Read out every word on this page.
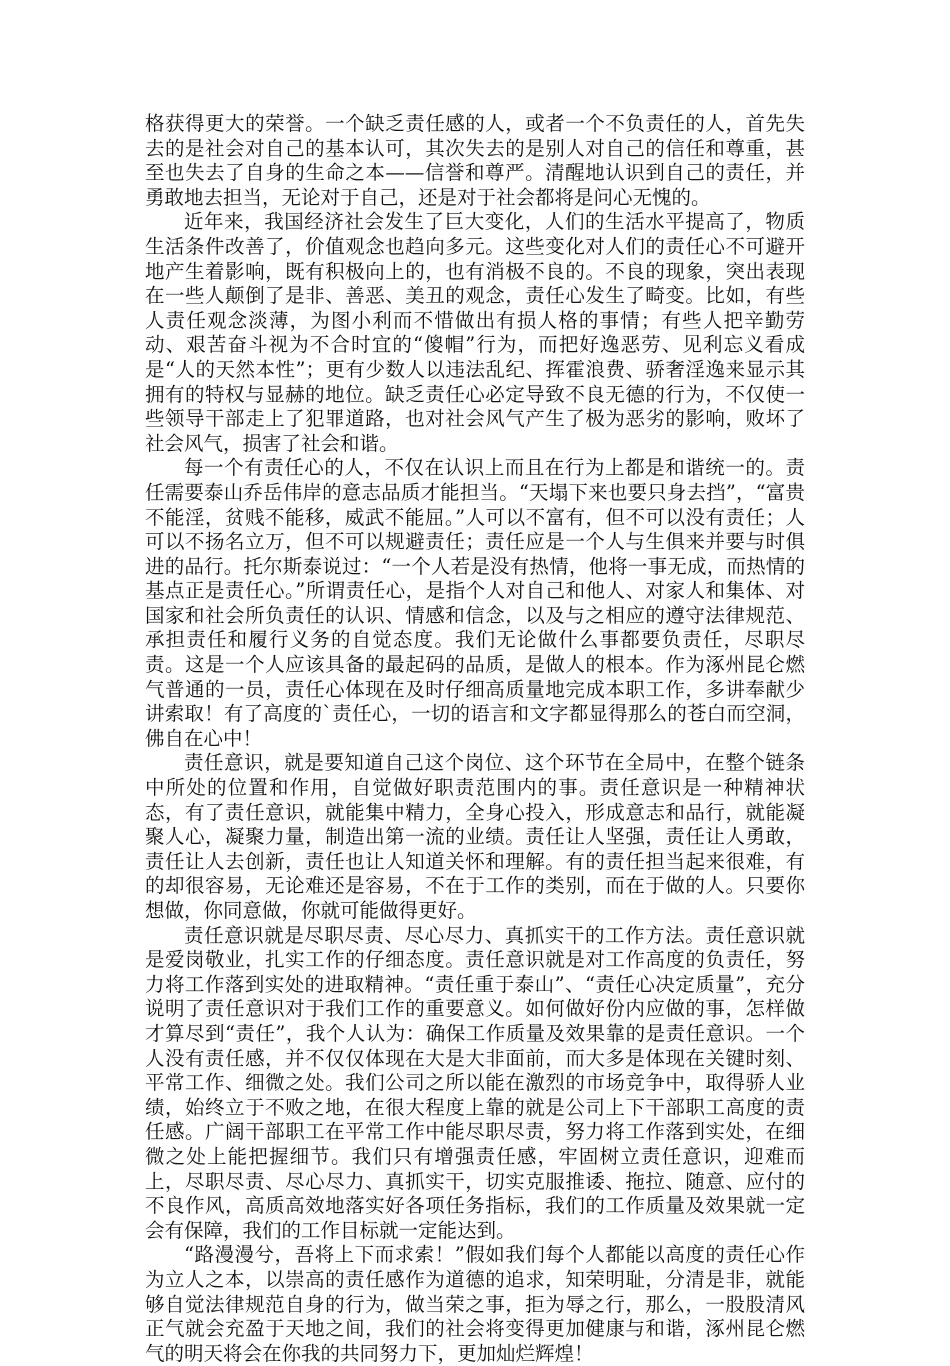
格获得更大的荣誉。一个缺乏责任感的人，或者一个不负责任的人，首先失去的是社会对自己的基本认可，其次失去的是别人对自己的信任和尊重，甚至也失去了自身的生命之本——信誉和尊严。清醒地认识到自己的责任，并勇敢地去担当，无论对于自己，还是对于社会都将是问心无愧的。

近年来，我国经济社会发生了巨大变化，人们的生活水平提高了，物质生活条件改善了，价值观念也趋向多元。这些变化对人们的责任心不可避开地产生着影响，既有积极向上的，也有消极不良的。不良的现象，突出表现在一些人颠倒了是非、善恶、美丑的观念，责任心发生了畸变。比如，有些人责任观念淡薄，为图小利而不惜做出有损人格的事情；有些人把辛勤劳动、艰苦奋斗视为不合时宜的“傻帽”行为，而把好逸恶劳、见利忘义看成是“人的天然本性”；更有少数人以违法乱纪、挥霍浪费、骄奢淫逸来显示其拥有的特权与显赫的地位。缺乏责任心必定导致不良无德的行为，不仅使一些领导干部走上了犯罪道路，也对社会风气产生了极为恶劣的影响，败坏了社会风气，损害了社会和谐。

每一个有责任心的人，不仅在认识上而且在行为上都是和谐统一的。责任需要泰山乔岳伟岸的意志品质才能担当。“天塌下来也要只身去挡”，“富贵不能淫，贫贱不能移，威武不能屈。”人可以不富有，但不可以没有责任；人可以不扬名立万，但不可以规避责任；责任应是一个人与生俱来并要与时俱进的品行。托尔斯泰说过：“一个人若是没有热情，他将一事无成，而热情的基点正是责任心。”所谓责任心，是指个人对自己和他人、对家人和集体、对国家和社会所负责任的认识、情感和信念，以及与之相应的遵守法律规范、承担责任和履行义务的自觉态度。我们无论做什么事都要负责任，尽职尽责。这是一个人应该具备的最起码的品质，是做人的根本。作为涿州昆仑燃气普通的一员，责任心体现在及时仔细高质量地完成本职工作，多讲奉献少讲索取！有了高度的`责任心，一切的语言和文字都显得那么的苍白而空洞，佛自在心中！

责任意识，就是要知道自己这个岗位、这个环节在全局中，在整个链条中所处的位置和作用，自觉做好职责范围内的事。责任意识是一种精神状态，有了责任意识，就能集中精力，全身心投入，形成意志和品行，就能凝聚人心，凝聚力量，制造出第一流的业绩。责任让人坚强，责任让人勇敢，责任让人去创新，责任也让人知道关怀和理解。有的责任担当起来很难，有的却很容易，无论难还是容易，不在于工作的类别，而在于做的人。只要你想做，你同意做，你就可能做得更好。

责任意识就是尽职尽责、尽心尽力、真抓实干的工作方法。责任意识就是爱岗敬业，扎实工作的仔细态度。责任意识就是对工作高度的负责任，努力将工作落到实处的进取精神。“责任重于泰山”、“责任心决定质量”，充分说明了责任意识对于我们工作的重要意义。如何做好份内应做的事，怎样做才算尽到“责任”，我个人认为：确保工作质量及效果靠的是责任意识。一个人没有责任感，并不仅仅体现在大是大非面前，而大多是体现在关键时刻、平常工作、细微之处。我们公司之所以能在激烈的市场竞争中，取得骄人业绩，始终立于不败之地，在很大程度上靠的就是公司上下干部职工高度的责任感。广阔干部职工在平常工作中能尽职尽责，努力将工作落到实处，在细微之处上能把握细节。我们只有增强责任感，牢固树立责任意识，迎难而上，尽职尽责、尽心尽力、真抓实干，切实克服推诿、拖拉、随意、应付的不良作风，高质高效地落实好各项任务指标，我们的工作质量及效果就一定会有保障，我们的工作目标就一定能达到。

“路漫漫兮，吾将上下而求索！”假如我们每个人都能以高度的责任心作为立人之本，以崇高的责任感作为道德的追求，知荣明耻，分清是非，就能够自觉法律规范自身的行为，做当荣之事，拒为辱之行，那么，一股股清风正气就会充盈于天地之间，我们的社会将变得更加健康与和谐，涿州昆仑燃气的明天将会在你我的共同努力下，更加灿烂辉煌！
